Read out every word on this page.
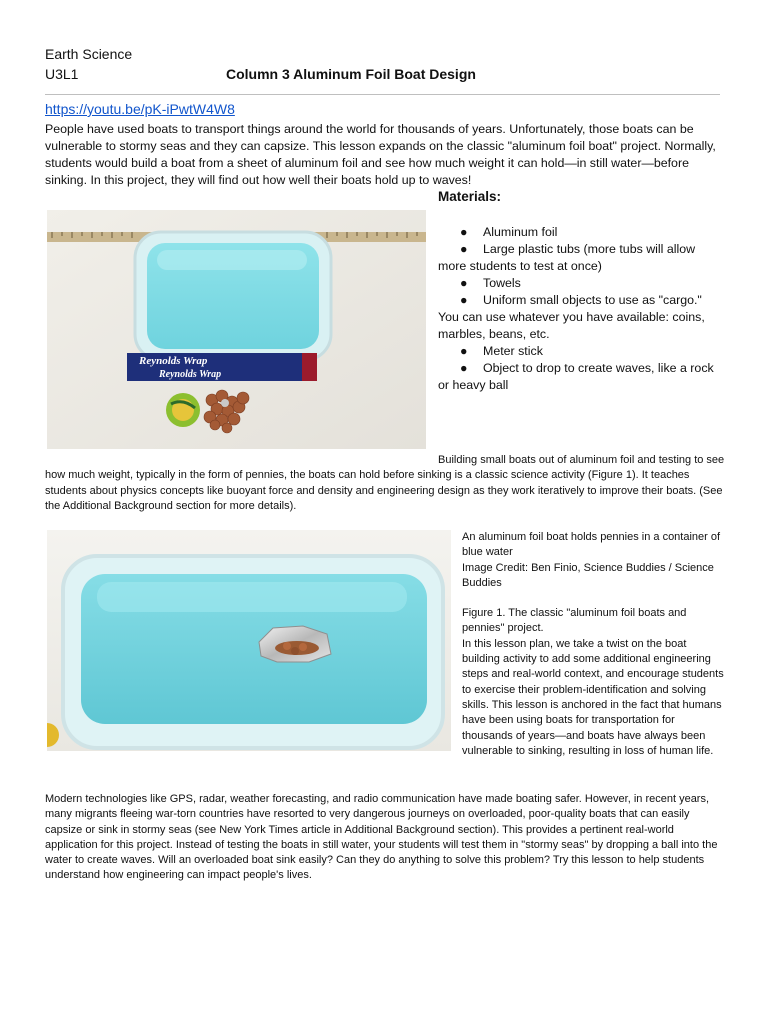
Earth Science
U3L1	Column 3 Aluminum Foil Boat Design
https://youtu.be/pK-iPwtW4W8
People have used boats to transport things around the world for thousands of years. Unfortunately, those boats can be vulnerable to stormy seas and they can capsize. This lesson expands on the classic "aluminum foil boat" project. Normally, students would build a boat from a sheet of aluminum foil and see how much weight it can hold—in still water—before sinking. In this project, they will find out how well their boats hold up to waves!
Reynolds Wrap
Reynolds Wrap
Materials:
● Aluminum foil
● Large plastic tubs (more tubs will allow more students to test at once)
● Towels
● Uniform small objects to use as "cargo." You can use whatever you have available: coins, marbles, beans, etc.
● Meter stick
● Object to drop to create waves, like a rock or heavy ball
Building small boats out of aluminum foil and testing to see how much weight, typically in the form of pennies, the boats can hold before sinking is a classic science activity (Figure 1). It teaches students about physics concepts like buoyant force and density and engineering design as they work iteratively to improve their boats. (See the Additional Background section for more details).
An aluminum foil boat holds pennies in a container of blue water
Image Credit: Ben Finio, Science Buddies / Science Buddies
Figure 1. The classic "aluminum foil boats and pennies" project.
In this lesson plan, we take a twist on the boat building activity to add some additional engineering steps and real-world context, and encourage students to exercise their problem-identification and solving skills. This lesson is anchored in the fact that humans have been using boats for transportation for thousands of years—and boats have always been vulnerable to sinking, resulting in loss of human life.
Modern technologies like GPS, radar, weather forecasting, and radio communication have made boating safer. However, in recent years, many migrants fleeing war-torn countries have resorted to very dangerous journeys on overloaded, poor-quality boats that can easily capsize or sink in stormy seas (see New York Times article in Additional Background section). This provides a pertinent real-world application for this project. Instead of testing the boats in still water, your students will test them in "stormy seas" by dropping a ball into the water to create waves. Will an overloaded boat sink easily? Can they do anything to solve this problem? Try this lesson to help students understand how engineering can impact people's lives.
